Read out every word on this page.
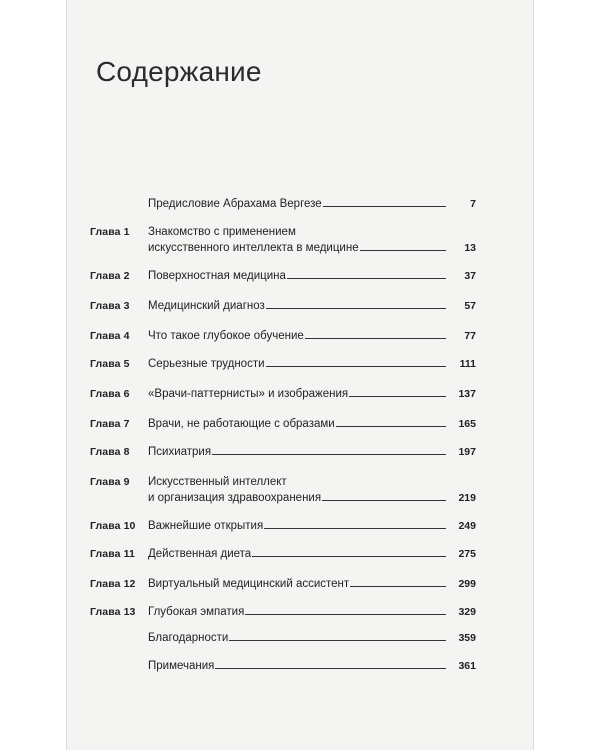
Содержание
Предисловие Абрахама Вергезе	7
Глава 1 Знакомство с применением
искусственного интеллекта в медицине	13
Глава 2 Поверхностная медицина	37
Глава 3 Медицинский диагноз	57
Глава 4 Что такое глубокое обучение	77
Глава 5 Серьезные трудности	111
Глава 6 «Врачи-паттернисты» и изображения	137
Глава 7 Врачи, не работающие с образами	165
Глава 8 Психиатрия	197
Глава 9 Искусственный интеллект
и организация здравоохранения	219
Глава 10 Важнейшие открытия	249
Глава 11 Действенная диета	275
Глава 12 Виртуальный медицинский ассистент	299
Глава 13 Глубокая эмпатия	329
Благодарности	359
Примечания	361
